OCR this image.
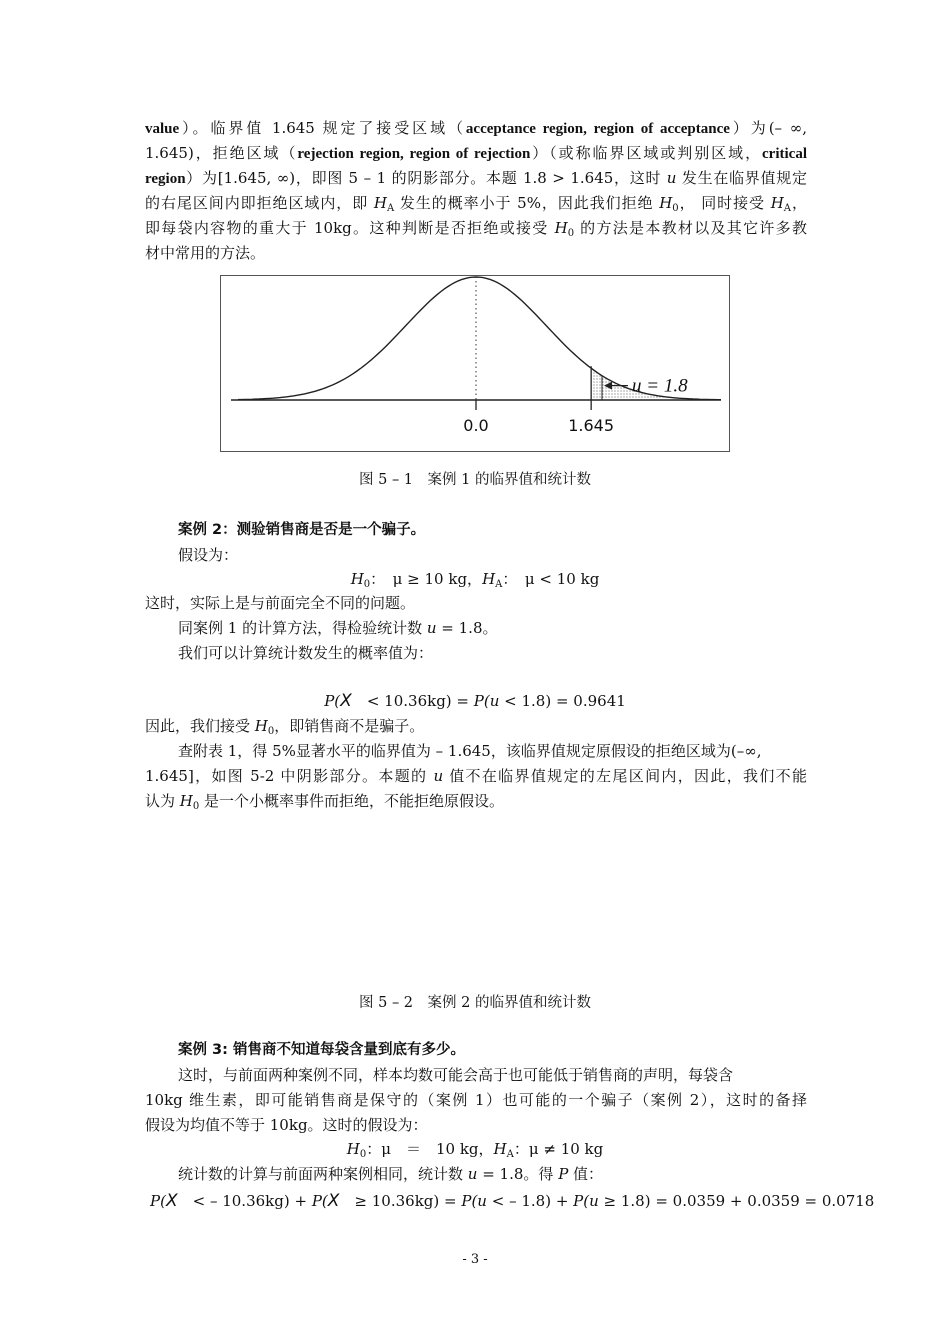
value）。临界值 1.645 规定了接受区域（acceptance region, region of acceptance）为(– ∞,
1.645)，拒绝区域（rejection region, region of rejection）（或称临界区域或判别区域，critical
region）为[1.645, ∞)，即图 5 – 1 的阴影部分。本题 1.8 > 1.645，这时 u 发生在临界值规定
的右尾区间内即拒绝区域内，即 $H_A$ 发生的概率小于 5%，因此我们拒绝 $H_0$， 同时接受 $H_A$，
即每袋内容物的重大于 10kg。这种判断是否拒绝或接受 $H_0$ 的方法是本教材以及其它许多教
材中常用的方法。
u = 1.8
0.0	1.645
图 5 – 1　案例 1 的临界值和统计数
案例 2：测验销售商是否是一个骗子。
假设为：
$H_0$：　μ ≥ 10 kg，$H_A$：　μ < 10 kg
这时，实际上是与前面完全不同的问题。
同案例 1 的计算方法，得检验统计数 u = 1.8。
我们可以计算统计数发生的概率值为：
P(X　< 10.36kg) = P(u < 1.8) = 0.9641
因此，我们接受 $H_0$，即销售商不是骗子。
查附表 1，得 5%显著水平的临界值为 – 1.645，该临界值规定原假设的拒绝区域为(–∞,
1.645]，如图 5-2 中阴影部分。本题的 u 值不在临界值规定的左尾区间内，因此，我们不能
认为 $H_0$ 是一个小概率事件而拒绝，不能拒绝原假设。
图 5 – 2　案例 2 的临界值和统计数
案例 3: 销售商不知道每袋含量到底有多少。
这时，与前面两种案例不同，样本均数可能会高于也可能低于销售商的声明，每袋含
10kg 维生素，即可能销售商是保守的（案例 1）也可能的一个骗子（案例 2），这时的备择
假设为均值不等于 10kg。这时的假设为：
$H_0$：μ　＝　10 kg，$H_A$：μ ≠ 10 kg
统计数的计算与前面两种案例相同，统计数 u = 1.8。得 P 值：
P(X　< – 10.36kg) + P(X　≥ 10.36kg) = P(u < – 1.8) + P(u ≥ 1.8) = 0.0359 + 0.0359 = 0.0718
- 3 -
